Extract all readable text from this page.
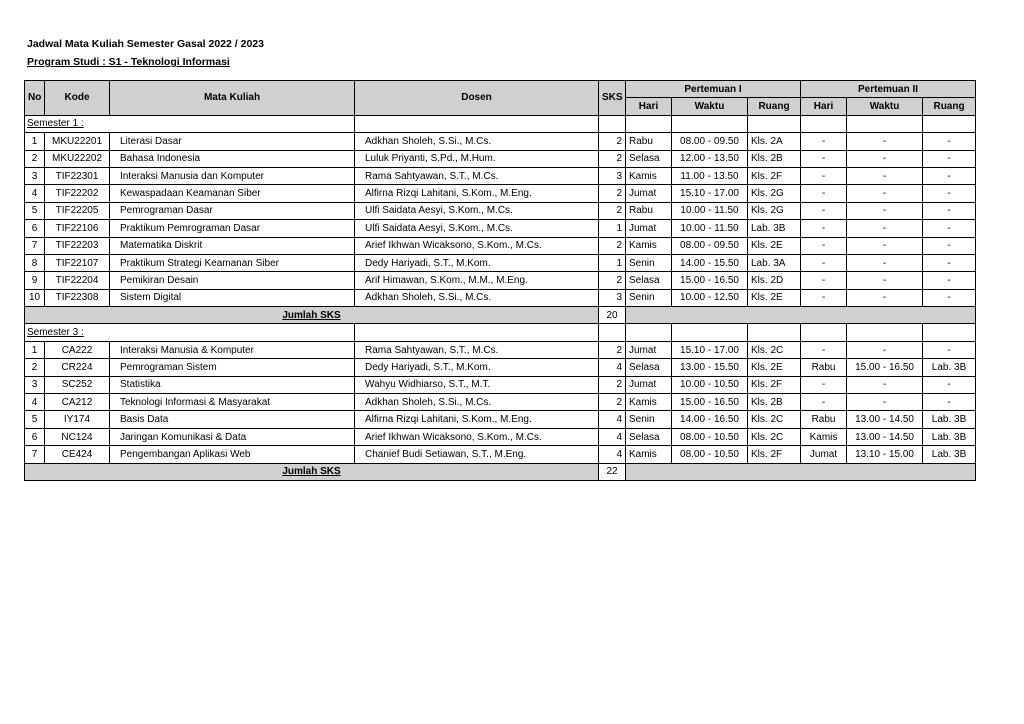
Jadwal Mata Kuliah Semester Gasal 2022 / 2023
Program Studi : S1 - Teknologi Informasi
No	Kode	Mata Kuliah	Dosen	SKS	Pertemuan I			Pertemuan II		
					Hari	Waktu	Ruang	Hari	Waktu	Ruang
Semester 1 :										
1	MKU22201	Literasi Dasar	Adkhan Sholeh, S.Si., M.Cs.	2	Rabu	08.00 - 09.50	Kls. 2A	-	-	-
2	MKU22202	Bahasa Indonesia	Luluk Priyanti, S.Pd., M.Hum.	2	Selasa	12.00 - 13.50	Kls. 2B	-	-	-
3	TIF22301	Interaksi Manusia dan Komputer	Rama Sahtyawan, S.T., M.Cs.	3	Kamis	11.00 - 13.50	Kls. 2F	-	-	-
4	TIF22202	Kewaspadaan Keamanan Siber	Alfirna Rizqi Lahitani, S.Kom., M.Eng.	2	Jumat	15.10 - 17.00	Kls. 2G	-	-	-
5	TIF22205	Pemrograman Dasar	Ulfi Saidata Aesyi, S.Kom., M.Cs.	2	Rabu	10.00 - 11.50	Kls. 2G	-	-	-
6	TIF22106	Praktikum Pemrograman Dasar	Ulfi Saidata Aesyi, S.Kom., M.Cs.	1	Jumat	10.00 - 11.50	Lab. 3B	-	-	-
7	TIF22203	Matematika Diskrit	Arief Ikhwan Wicaksono, S.Kom., M.Cs.	2	Kamis	08.00 - 09.50	Kls. 2E	-	-	-
8	TIF22107	Praktikum Strategi Keamanan Siber	Dedy Hariyadi, S.T., M.Kom.	1	Senin	14.00 - 15.50	Lab. 3A	-	-	-
9	TIF22204	Pemikiran Desain	Arif Himawan, S.Kom., M.M., M.Eng.	2	Selasa	15.00 - 16.50	Kls. 2D	-	-	-
10	TIF22308	Sistem Digital	Adkhan Sholeh, S.Si., M.Cs.	3	Senin	10.00 - 12.50	Kls. 2E	-	-	-
Jumlah SKS				20						
Semester 3 :										
1	CA222	Interaksi Manusia & Komputer	Rama Sahtyawan, S.T., M.Cs.	2	Jumat	15.10 - 17.00	Kls. 2C	-	-	-
2	CR224	Pemrograman Sistem	Dedy Hariyadi, S.T., M.Kom.	4	Selasa	13.00 - 15.50	Kls. 2E	Rabu	15.00 - 16.50	Lab. 3B
3	SC252	Statistika	Wahyu Widhiarso, S.T., M.T.	2	Jumat	10.00 - 10.50	Kls. 2F	-	-	-
4	CA212	Teknologi Informasi & Masyarakat	Adkhan Sholeh, S.Si., M.Cs.	2	Kamis	15.00 - 16.50	Kls. 2B	-	-	-
5	IY174	Basis Data	Alfirna Rizqi Lahitani, S.Kom., M.Eng.	4	Senin	14.00 - 16.50	Kls. 2C	Rabu	13.00 - 14.50	Lab. 3B
6	NC124	Jaringan Komunikasi & Data	Arief Ikhwan Wicaksono, S.Kom., M.Cs.	4	Selasa	08.00 - 10.50	Kls. 2C	Kamis	13.00 - 14.50	Lab. 3B
7	CE424	Pengembangan Aplikasi Web	Chanief Budi Setiawan, S.T., M.Eng.	4	Kamis	08.00 - 10.50	Kls. 2F	Jumat	13.10 - 15.00	Lab. 3B
Jumlah SKS				22						
